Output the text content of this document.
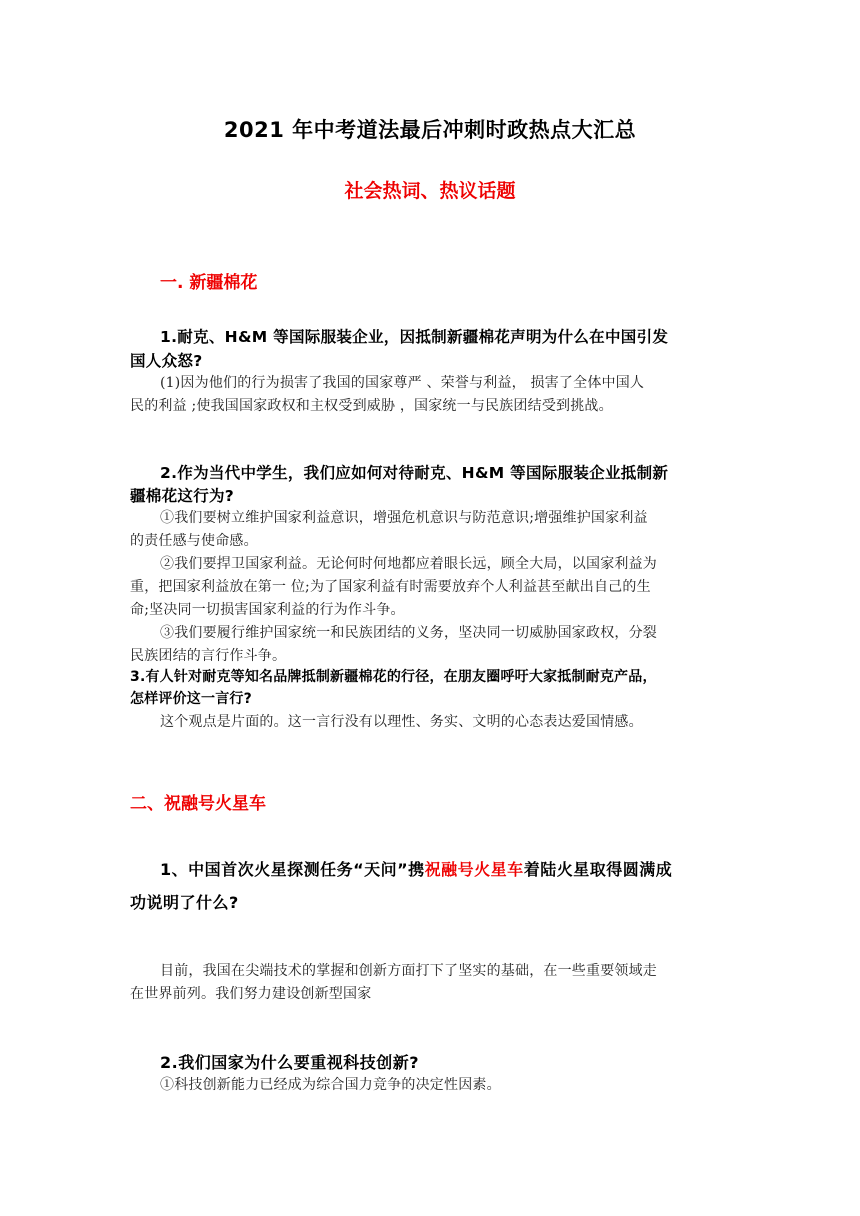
2021 年中考道法最后冲刺时政热点大汇总
社会热词、热议话题
一. 新疆棉花
1.耐克、H&M 等国际服装企业，因抵制新疆棉花声明为什么在中国引发
国人众怒?
(1)因为他们的行为损害了我国的国家尊严 、荣誉与利益， 损害了全体中国人
民的利益 ;使我国国家政权和主权受到威胁 ，国家统一与民族团结受到挑战。
2.作为当代中学生，我们应如何对待耐克、H&M 等国际服装企业抵制新
疆棉花这行为?
①我们要树立维护国家利益意识，增强危机意识与防范意识;增强维护国家利益
的责任感与使命感。
②我们要捍卫国家利益。无论何时何地都应着眼长远，顾全大局，以国家利益为
重，把国家利益放在第一 位;为了国家利益有时需要放弃个人利益甚至献出自己的生
命;坚决同一切损害国家利益的行为作斗争。
③我们要履行维护国家统一和民族团结的义务，坚决同一切威胁国家政权，分裂
民族团结的言行作斗争。
3.有人针对耐克等知名品牌抵制新疆棉花的行径，在朋友圈呼吁大家抵制耐克产品，
怎样评价这一言行?
这个观点是片面的。这一言行没有以理性、务实、文明的心态表达爱国情感。
二、祝融号火星车
1、中国首次火星探测任务“天问”携祝融号火星车着陆火星取得圆满成
功说明了什么?
目前，我国在尖端技术的掌握和创新方面打下了坚实的基础，在一些重要领域走
在世界前列。我们努力建设创新型国家
2.我们国家为什么要重视科技创新?
①科技创新能力已经成为综合国力竞争的决定性因素。
